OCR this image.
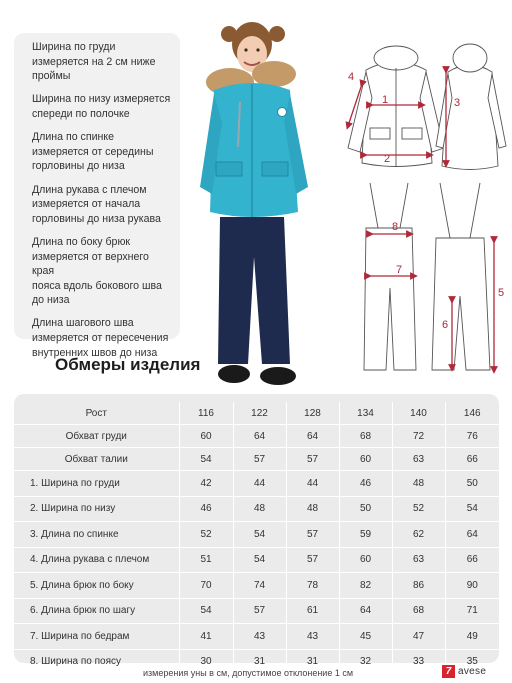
Ширина по груди
измеряется на 2 см ниже
проймы
Ширина по низу измеряется
спереди по полочке
Длина по спинке
измеряется от середины
горловины до низа
Длина рукава с плечом
измеряется от начала
горловины до низа рукава
Длина по боку брюк
измеряется от верхнего края
пояса вдоль бокового шва
до низа
Длина шагового шва
измеряется от пересечения
внутренних швов до низа
1
2
3
4
8
7
5
6
Обмеры изделия
Рост	116	122	128	134	140	146
Обхват груди	60	64	64	68	72	76
Обхват талии	54	57	57	60	63	66
1. Ширина по груди	42	44	44	46	48	50
2. Ширина по низу	46	48	48	50	52	54
3. Длина по спинке	52	54	57	59	62	64
4. Длина рукава с плечом	51	54	57	60	63	66
5. Длина брюк по боку	70	74	78	82	86	90
6. Длина брюк по шагу	54	57	61	64	68	71
7. Ширина по бедрам	41	43	43	45	47	49
8. Ширина по поясу	30	31	31	32	33	35
измерения уны в см, допустимое отклонение 1 см	7 avese
